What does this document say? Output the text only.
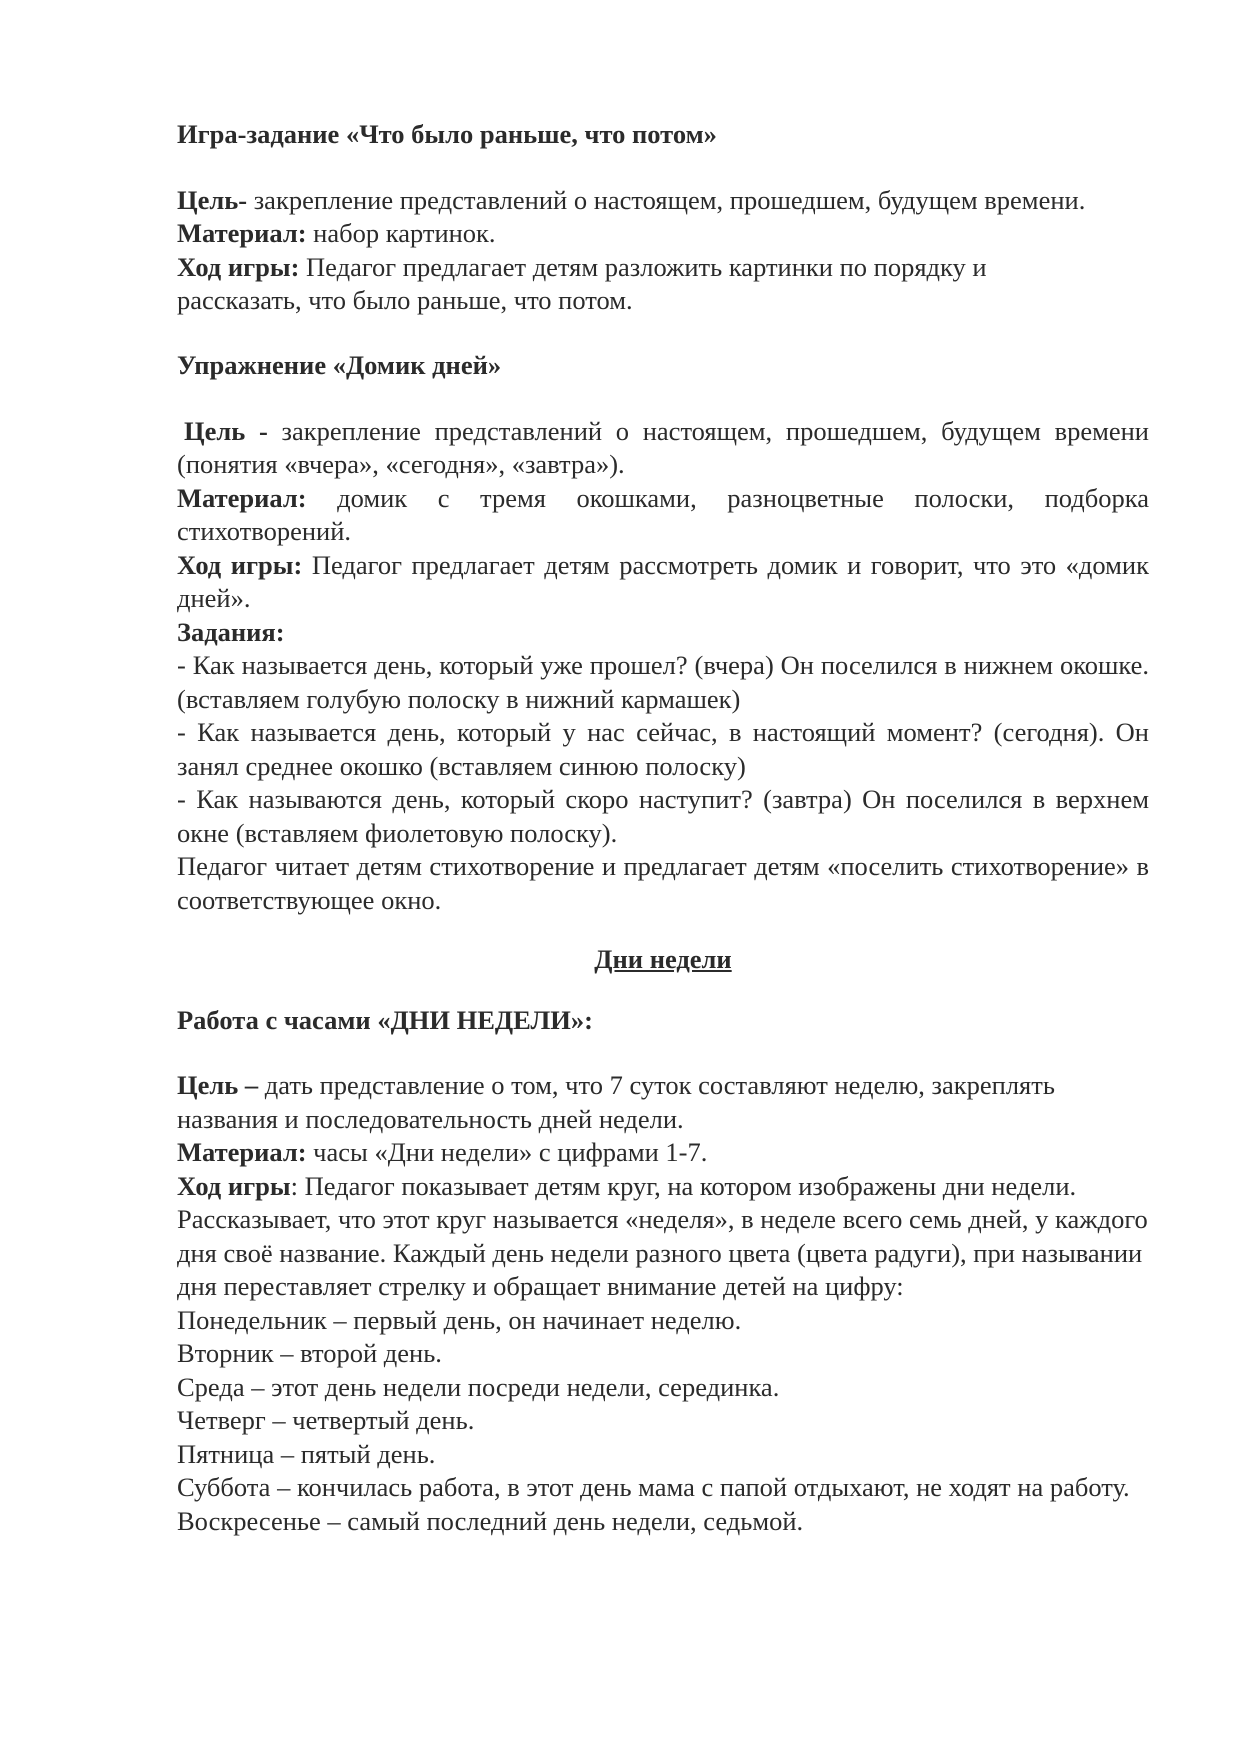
Игра-задание «Что было раньше, что потом»

Цель- закрепление представлений о настоящем, прошедшем, будущем времени.

Материал: набор картинок.

Ход игры: Педагог предлагает детям разложить картинки по порядку и рассказать, что было раньше, что потом.

Упражнение «Домик дней»

Цель - закрепление представлений о настоящем, прошедшем, будущем времени (понятия «вчера», «сегодня», «завтра»).

Материал: домик с тремя окошками, разноцветные полоски, подборка стихотворений.

Ход игры: Педагог предлагает детям рассмотреть домик и говорит, что это «домик дней».

Задания:

- Как называется день, который уже прошел? (вчера) Он поселился в нижнем окошке. (вставляем голубую полоску в нижний кармашек)

- Как называется день, который у нас сейчас, в настоящий момент? (сегодня). Он занял среднее окошко (вставляем синюю полоску)

- Как называются день, который скоро наступит? (завтра) Он поселился в верхнем окне (вставляем фиолетовую полоску).

Педагог читает детям стихотворение и предлагает детям «поселить стихотворение» в соответствующее окно.

Дни недели

Работа с часами «ДНИ НЕДЕЛИ»:

Цель – дать представление о том, что 7 суток составляют неделю, закреплять названия и последовательность дней недели.

Материал: часы «Дни недели» с цифрами 1-7.

Ход игры: Педагог показывает детям круг, на котором изображены дни недели. Рассказывает, что этот круг называется «неделя», в неделе всего семь дней, у каждого дня своё название. Каждый день недели разного цвета (цвета радуги), при назывании дня переставляет стрелку и обращает внимание детей на цифру:

Понедельник – первый день, он начинает неделю.

Вторник – второй день.

Среда – этот день недели посреди недели, серединка.

Четверг – четвертый день.

Пятница – пятый день.

Суббота – кончилась работа, в этот день мама с папой отдыхают, не ходят на работу.

Воскресенье – самый последний день недели, седьмой.
